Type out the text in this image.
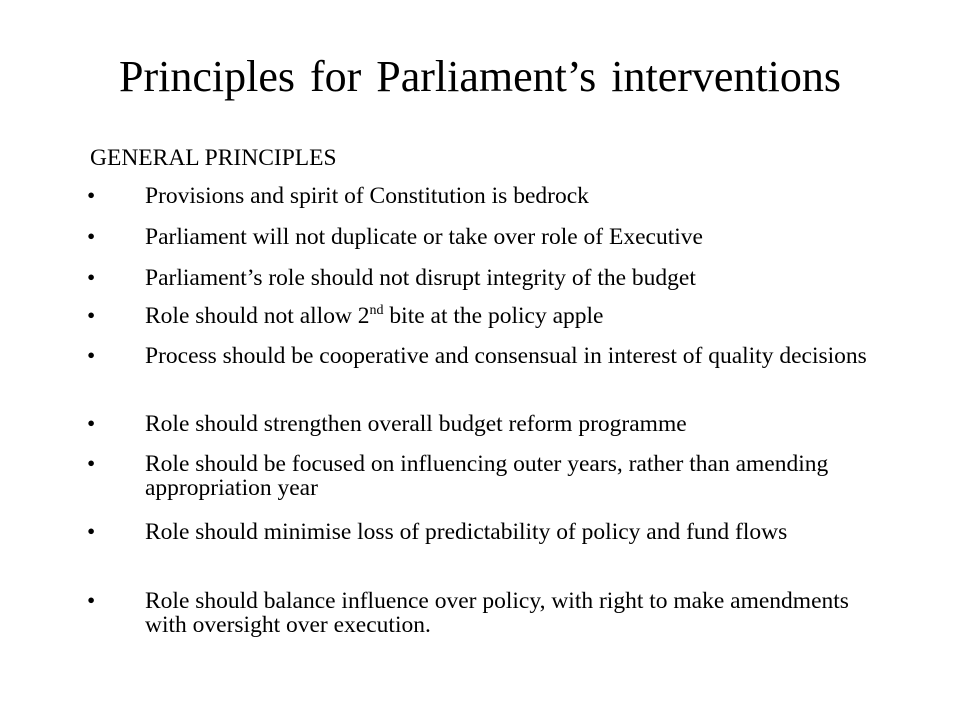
Principles for Parliament’s interventions
GENERAL PRINCIPLES
• Provisions and spirit of Constitution is bedrock
• Parliament will not duplicate or take over role of Executive
• Parliament’s role should not disrupt integrity of the budget
• Role should not allow 2nd bite at the policy apple
• Process should be cooperative and consensual in interest of quality decisions
• Role should strengthen overall budget reform programme
• Role should be focused on influencing outer years, rather than amending appropriation year
• Role should minimise loss of predictability of policy and fund flows
• Role should balance influence over policy, with right to make amendments with oversight over execution.
